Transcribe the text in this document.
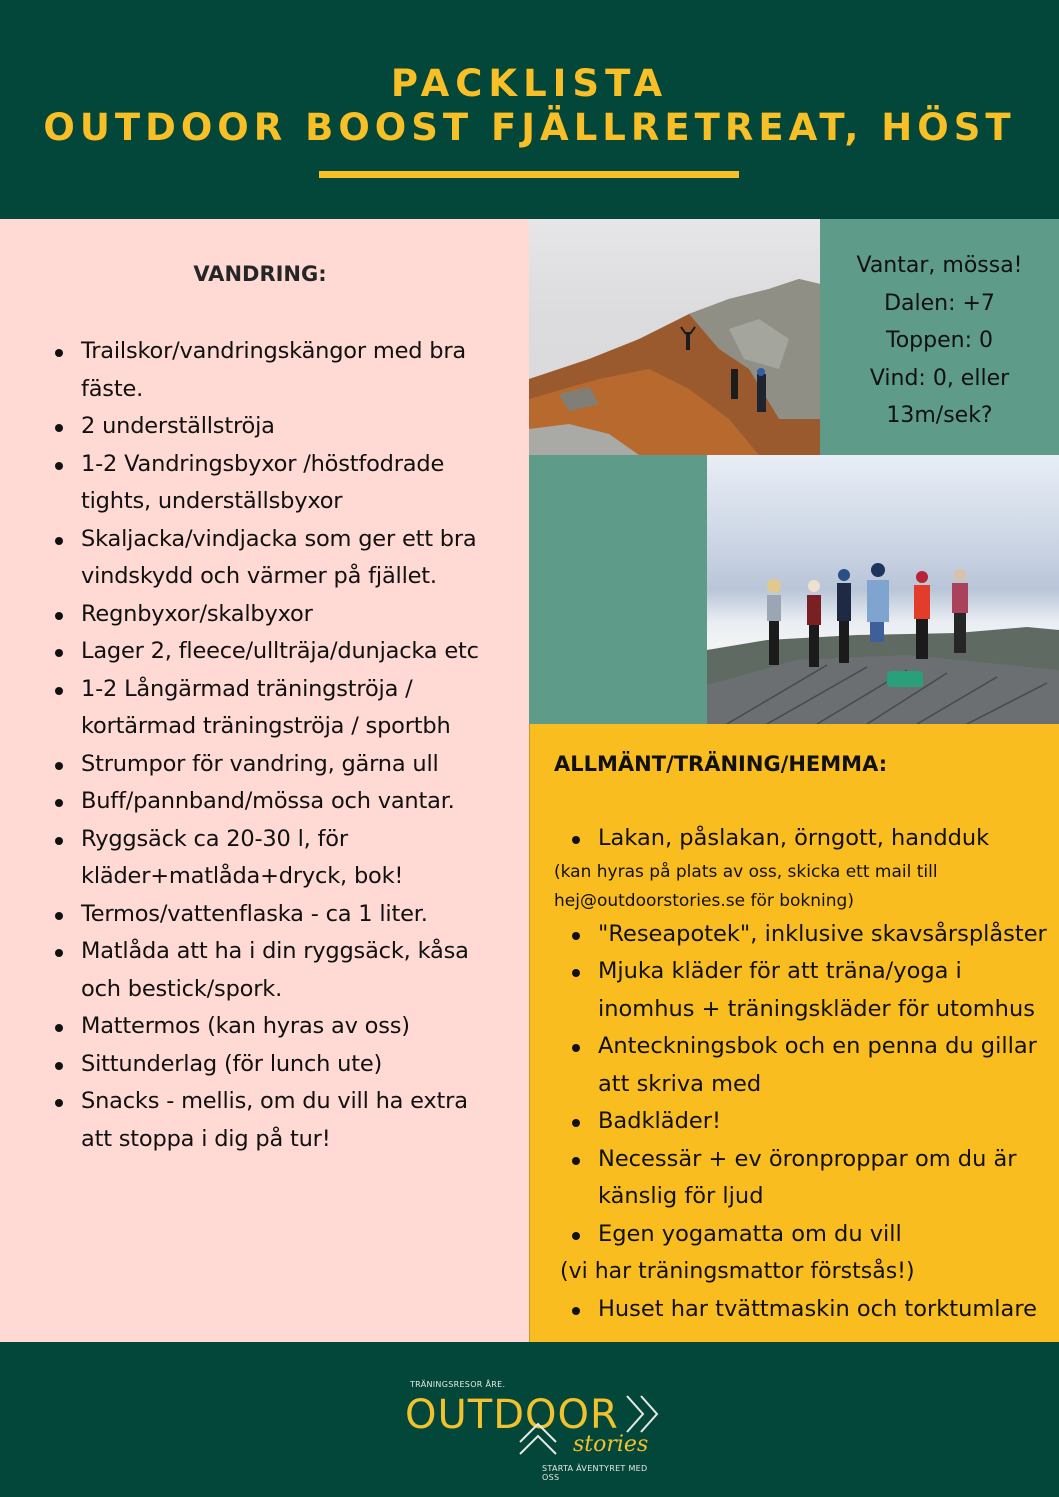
PACKLISTA
OUTDOOR BOOST FJÄLLRETREAT, HÖST
VANDRING:
Trailskor/vandringskängor med bra fäste.
2 underställströja
1-2 Vandringsbyxor /höstfodrade tights, underställsbyxor
Skaljacka/vindjacka som ger ett bra vindskydd och värmer på fjället.
Regnbyxor/skalbyxor
Lager 2, fleece/ullträja/dunjacka etc
1-2 Långärmad träningströja / kortärmad träningströja / sportbh
Strumpor för vandring, gärna ull
Buff/pannband/mössa och vantar.
Ryggsäck ca 20-30 l, för kläder+matlåda+dryck, bok!
Termos/vattenflaska - ca 1 liter.
Matlåda att ha i din ryggsäck, kåsa och bestick/spork.
Mattermos (kan hyras av oss)
Sittunderlag (för lunch ute)
Snacks - mellis, om du vill ha extra att stoppa i dig på tur!
Vantar, mössa!
Dalen: +7
Toppen: 0
Vind: 0, eller
13m/sek?
ALLMÄNT/TRÄNING/HEMMA:
Lakan, påslakan, örngott, handduk
(kan hyras på plats av oss, skicka ett mail till
hej@outdoorstories.se för bokning)
"Reseapotek", inklusive skavsårsplåster
Mjuka kläder för att träna/yoga i inomhus + träningskläder för utomhus
Anteckningsbok och en penna du gillar att skriva med
Badkläder!
Necessär + ev öronproppar om du är känslig för ljud
Egen yogamatta om du vill
(vi har träningsmattor förstsås!)
Huset har tvättmaskin och torktumlare
TRÄNINGSRESOR ÅRE.
OUTDOOR
stories
STARTA ÄVENTYRET MED OSS
